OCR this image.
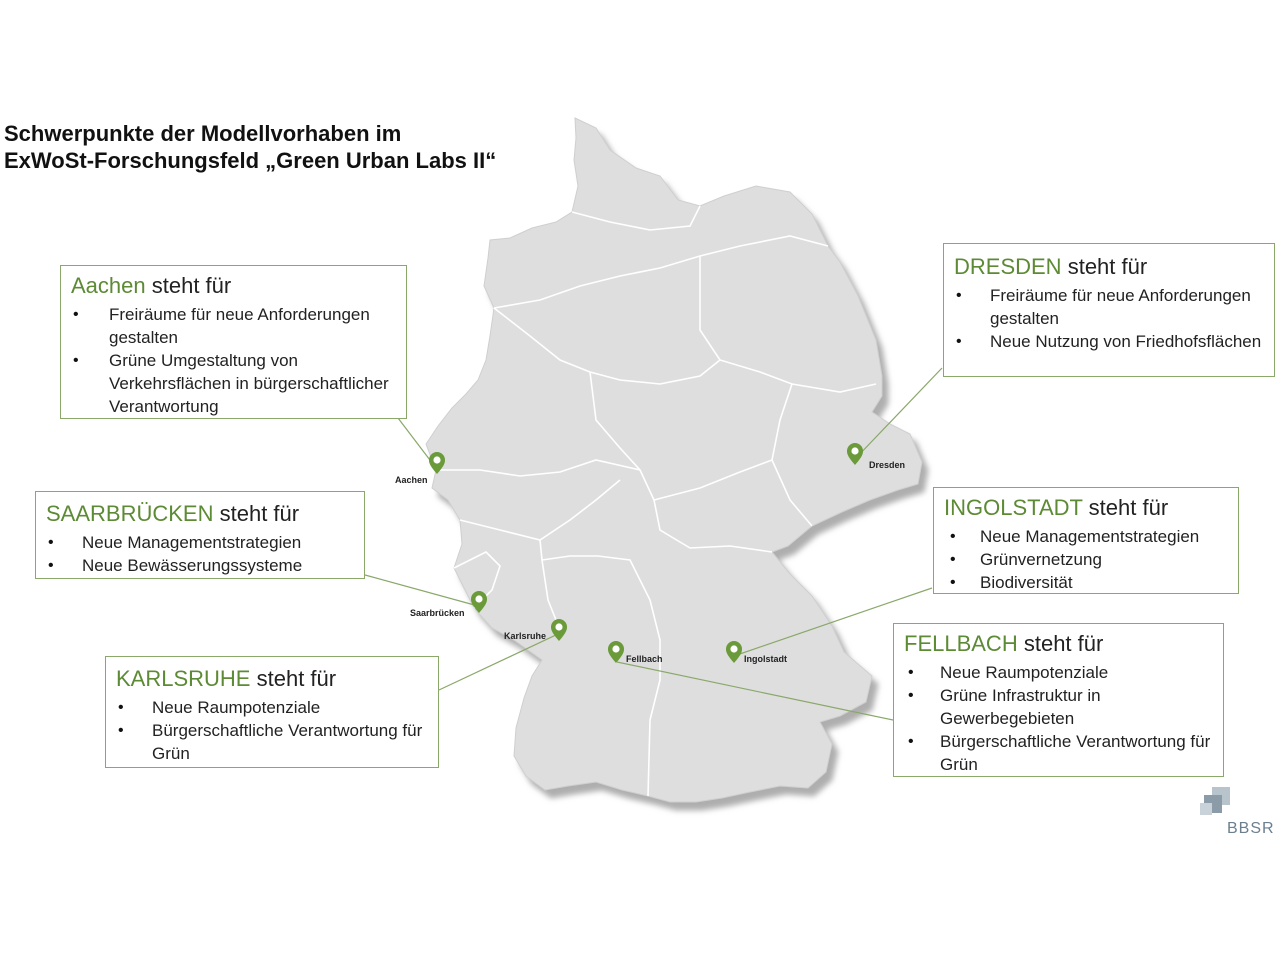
Schwerpunkte der Modellvorhaben im
ExWoSt-Forschungsfeld „Green Urban Labs II“
Aachen
Dresden
Saarbrücken
Karlsruhe
Fellbach	Ingolstadt
Aachen steht für
• Freiräume für neue Anforderungen gestalten
• Grüne Umgestaltung von Verkehrsflächen in bürgerschaftlicher Verantwortung
DRESDEN steht für
• Freiräume für neue Anforderungen gestalten
• Neue Nutzung von Friedhofsflächen
SAARBRÜCKEN steht für
• Neue Managementstrategien
• Neue Bewässerungssysteme
KARLSRUHE steht für
• Neue Raumpotenziale
• Bürgerschaftliche Verantwortung für Grün
INGOLSTADT steht für
• Neue Managementstrategien
• Grünvernetzung
• Biodiversität
FELLBACH steht für
• Neue Raumpotenziale
• Grüne Infrastruktur in Gewerbegebieten
• Bürgerschaftliche Verantwortung für Grün
BBSR
